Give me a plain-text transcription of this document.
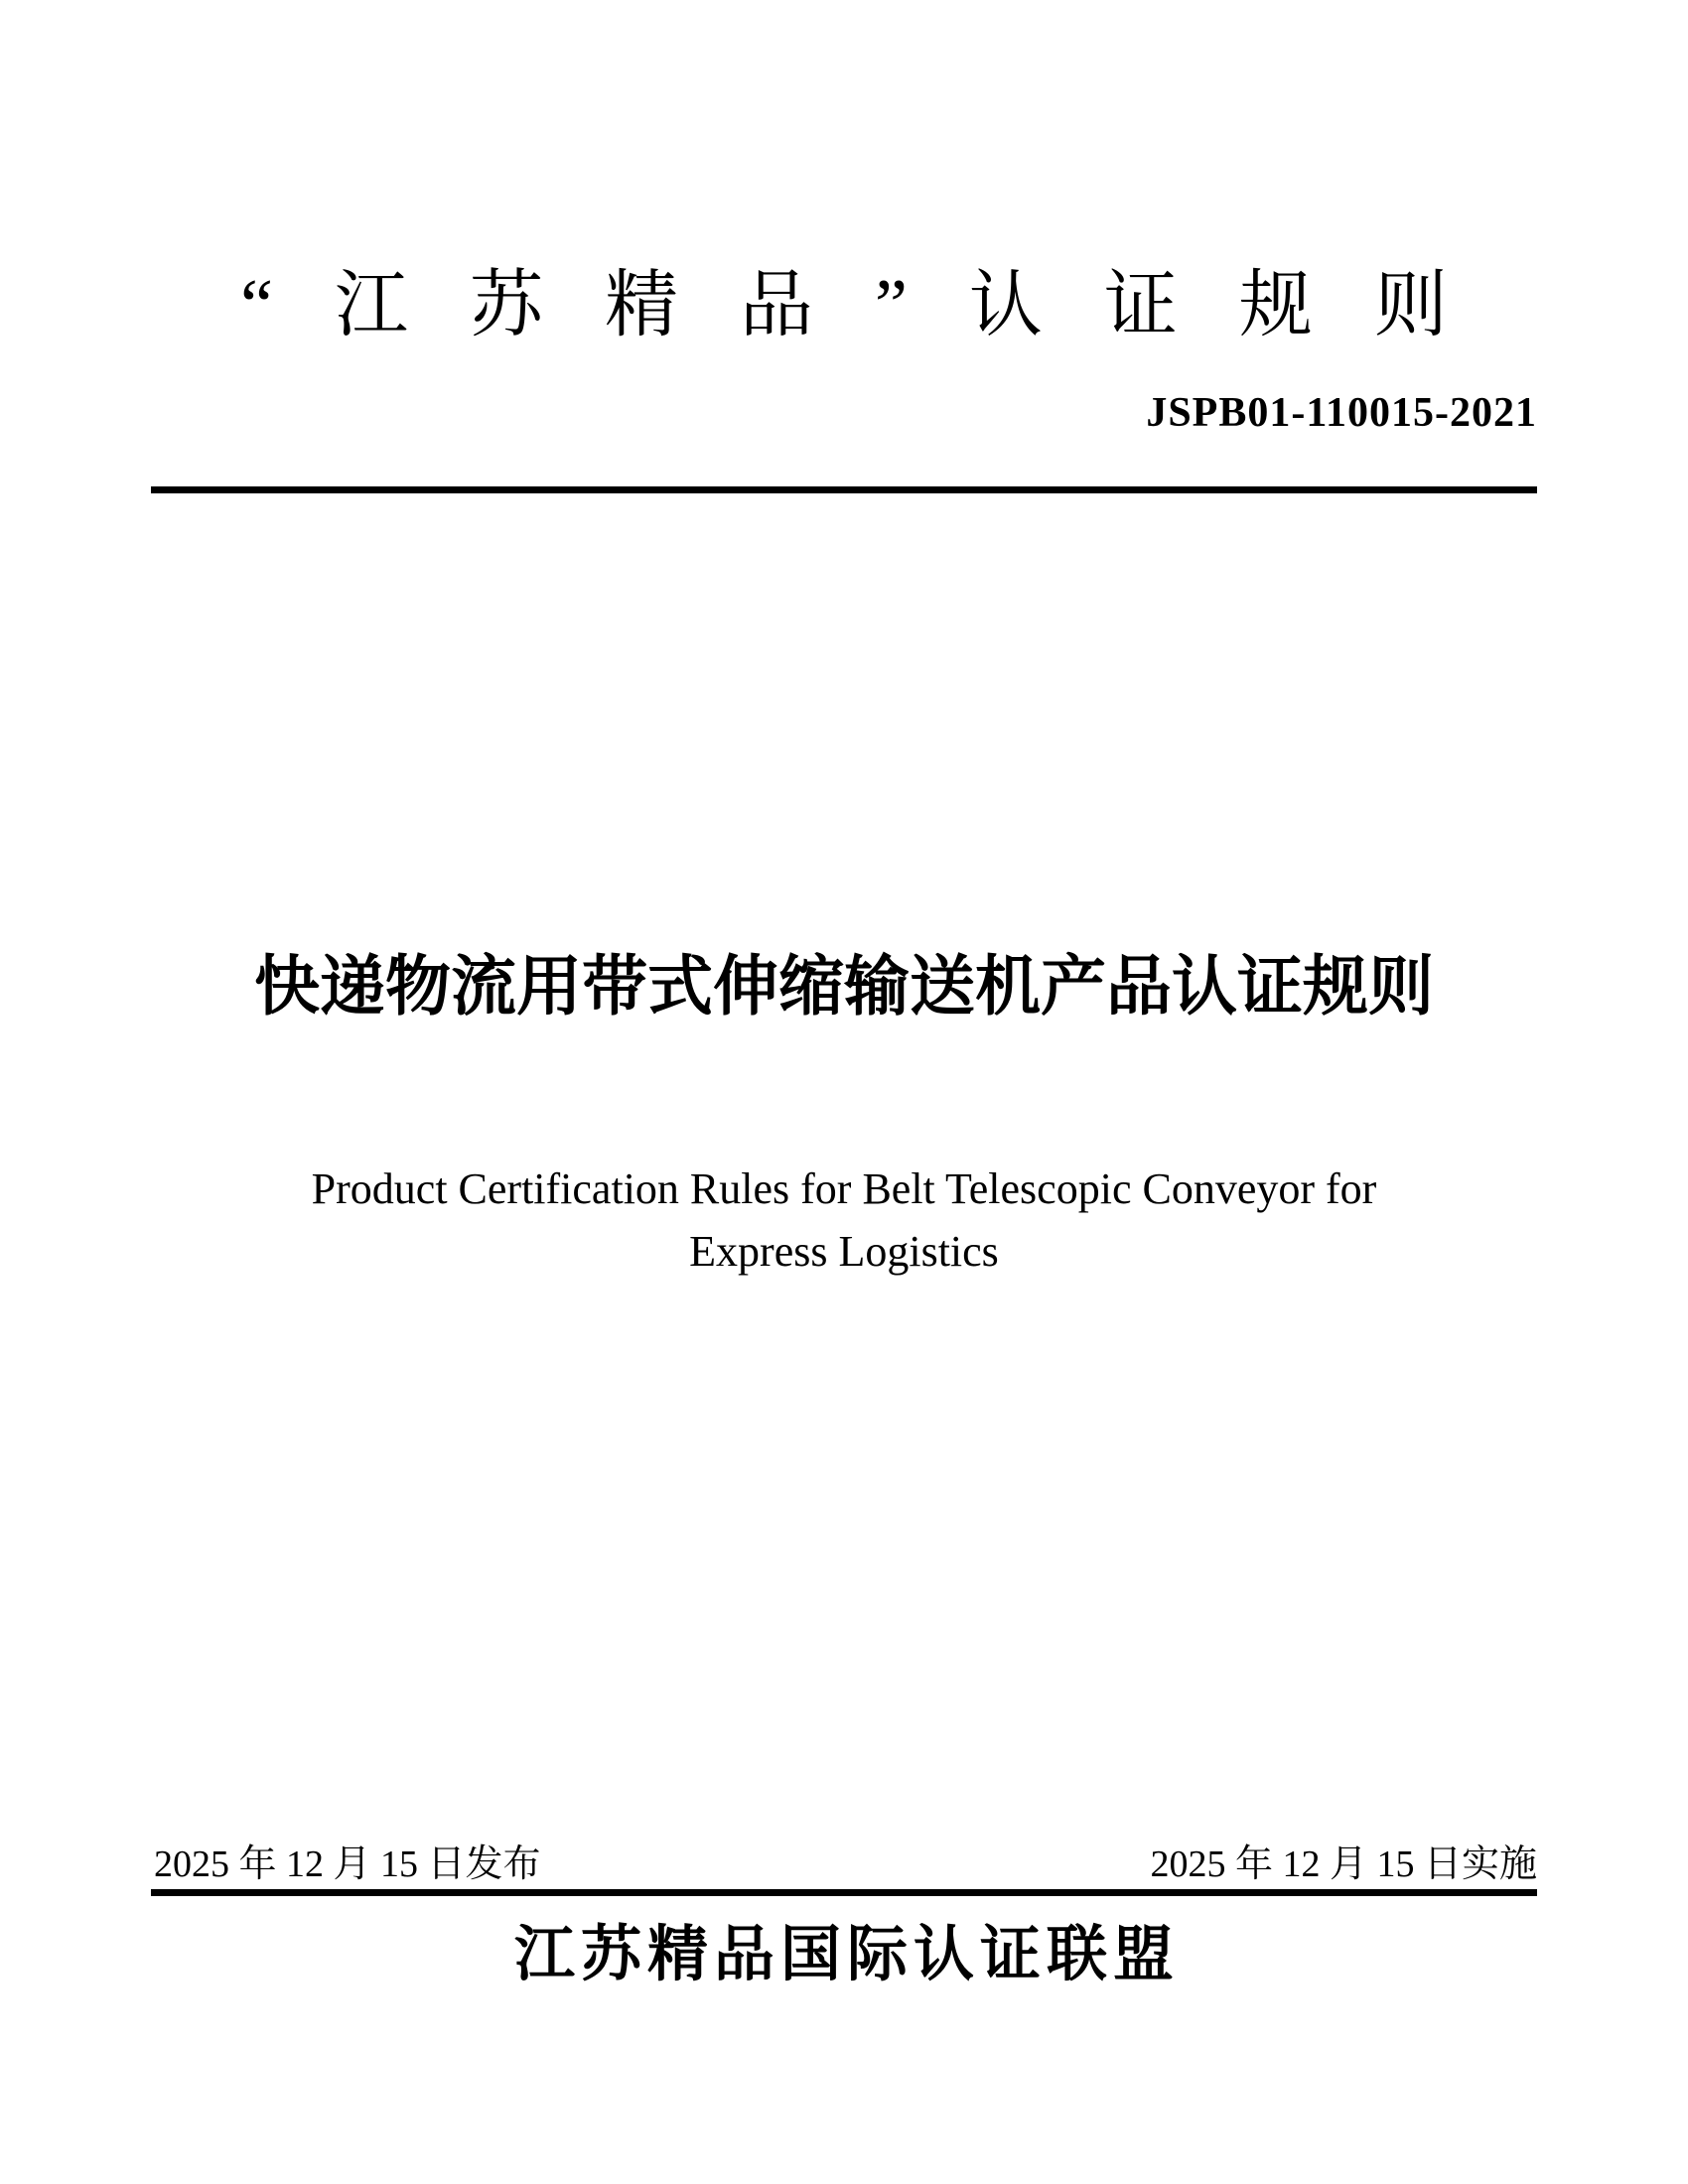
“江苏精品”认证规则
JSPB01-110015-2021
快递物流用带式伸缩输送机产品认证规则
Product Certification Rules for Belt Telescopic Conveyor for
Express Logistics
2025 年 12 月 15 日发布	2025 年 12 月 15 日实施
江苏精品国际认证联盟
